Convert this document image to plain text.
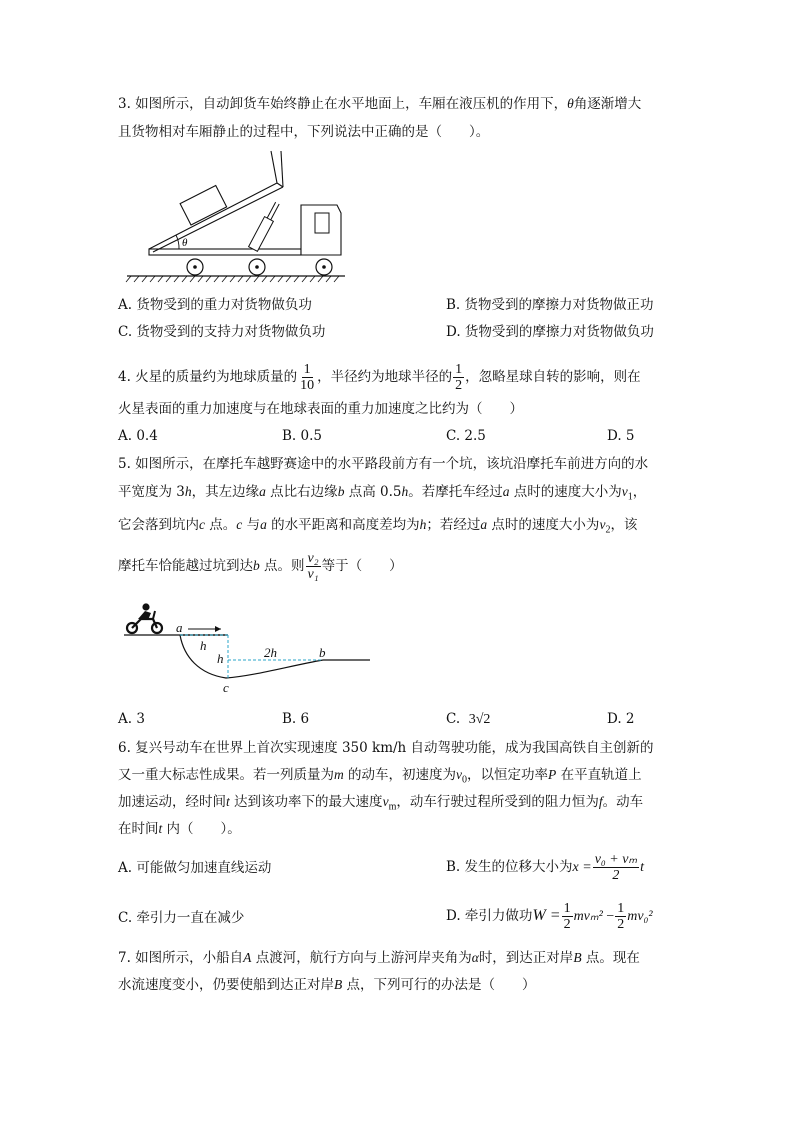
3. 如图所示，自动卸货车始终静止在水平地面上，车厢在液压机的作用下，θ角逐渐增大
且货物相对车厢静止的过程中，下列说法中正确的是（　　）。
θ
A. 货物受到的重力对货物做负功	B. 货物受到的摩擦力对货物做正功
C. 货物受到的支持力对货物做负功	D. 货物受到的摩擦力对货物做负功
4. 火星的质量约为地球质量的 $\frac{1}{10}$ ，半径约为地球半径的 $\frac{1}{2}$ ，忽略星球自转的影响，则在
火星表面的重力加速度与在地球表面的重力加速度之比约为（　　）
A. 0.4	B. 0.5	C. 2.5	D. 5
5. 如图所示，在摩托车越野赛途中的水平路段前方有一个坑，该坑沿摩托车前进方向的水
平宽度为 3h，其左边缘a 点比右边缘b 点高 0.5h。若摩托车经过a 点时的速度大小为$v_1$，
它会落到坑内c 点。c 与a 的水平距离和高度差均为h；若经过a 点时的速度大小为$v_2$，该
摩托车恰能越过坑到达b 点。则 $\frac{\text{v₂}}{\text{v₁}}$ 等于（　　）
a
h
h	2h	b
c
A. 3	B. 6	C. 3√2	D. 2
6. 复兴号动车在世界上首次实现速度 350 km/h 自动驾驶功能，成为我国高铁自主创新的
又一重大标志性成果。若一列质量为m 的动车，初速度为$v_0$，以恒定功率P 在平直轨道上
加速运动，经时间t 达到该功率下的最大速度$v_m$，动车行驶过程所受到的阻力恒为f。动车
在时间t 内（　　）。
A. 可能做匀加速直线运动	B. 发生的位移大小为$x = \frac{\text{v₀ + vₘ}}{2}$ t
C. 牵引力一直在减少	D. 牵引力做功$W = \frac{1}{2} mv_m^2 - \frac{1}{2} mv_0^2$
7. 如图所示，小船自A 点渡河，航行方向与上游河岸夹角为α时，到达正对岸B 点。现在
水流速度变小，仍要使船到达正对岸B 点，下列可行的办法是（　　）
